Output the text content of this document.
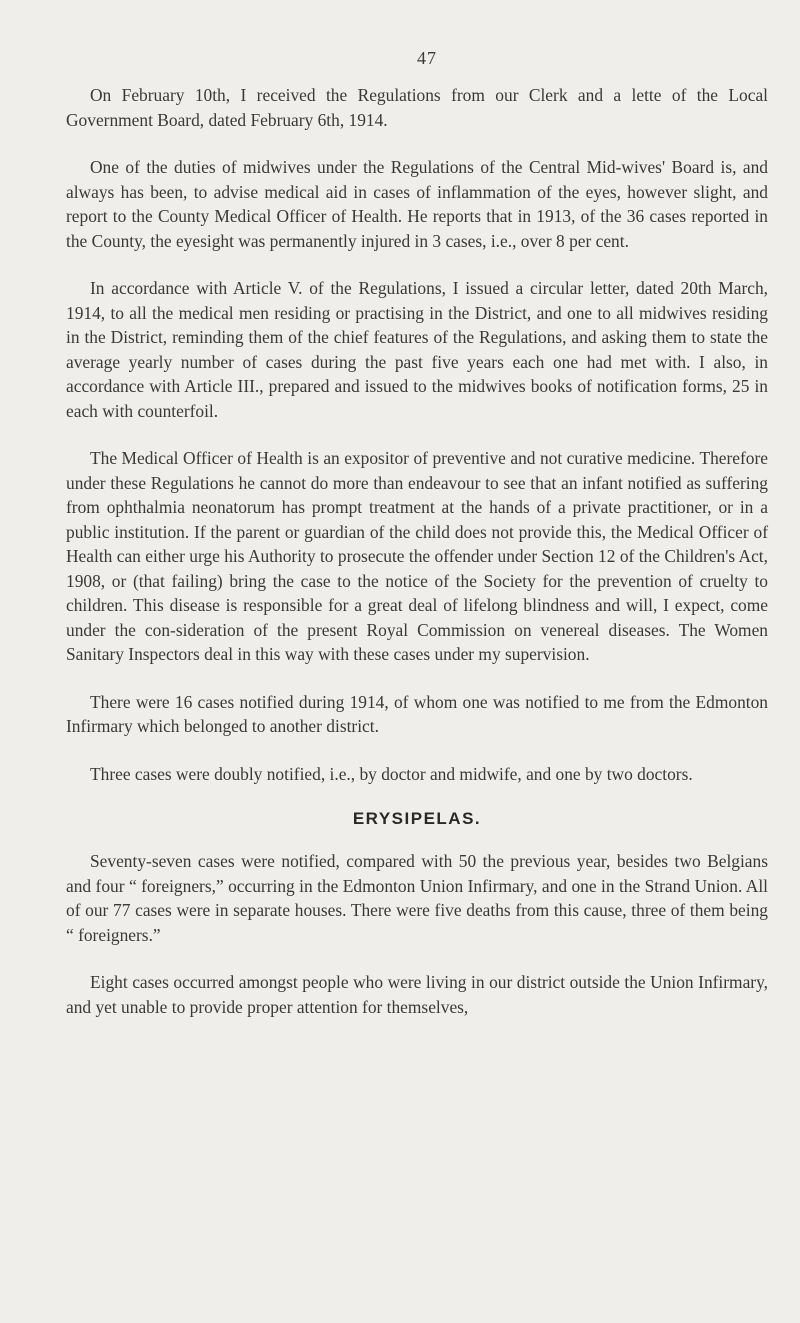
47

On February 10th, I received the Regulations from our Clerk and a lette of the Local Government Board, dated February 6th, 1914.

One of the duties of midwives under the Regulations of the Central Mid-wives' Board is, and always has been, to advise medical aid in cases of inflammation of the eyes, however slight, and report to the County Medical Officer of Health. He reports that in 1913, of the 36 cases reported in the County, the eyesight was permanently injured in 3 cases, i.e., over 8 per cent.

In accordance with Article V. of the Regulations, I issued a circular letter, dated 20th March, 1914, to all the medical men residing or practising in the District, and one to all midwives residing in the District, reminding them of the chief features of the Regulations, and asking them to state the average yearly number of cases during the past five years each one had met with. I also, in accordance with Article III., prepared and issued to the midwives books of notification forms, 25 in each with counterfoil.

The Medical Officer of Health is an expositor of preventive and not curative medicine. Therefore under these Regulations he cannot do more than endeavour to see that an infant notified as suffering from ophthalmia neonatorum has prompt treatment at the hands of a private practitioner, or in a public institution. If the parent or guardian of the child does not provide this, the Medical Officer of Health can either urge his Authority to prosecute the offender under Section 12 of the Children's Act, 1908, or (that failing) bring the case to the notice of the Society for the prevention of cruelty to children. This disease is responsible for a great deal of lifelong blindness and will, I expect, come under the con-sideration of the present Royal Commission on venereal diseases. The Women Sanitary Inspectors deal in this way with these cases under my supervision.

There were 16 cases notified during 1914, of whom one was notified to me from the Edmonton Infirmary which belonged to another district.

Three cases were doubly notified, i.e., by doctor and midwife, and one by two doctors.

ERYSIPELAS.

Seventy-seven cases were notified, compared with 50 the previous year, besides two Belgians and four “ foreigners,” occurring in the Edmonton Union Infirmary, and one in the Strand Union. All of our 77 cases were in separate houses. There were five deaths from this cause, three of them being “ foreigners.”

Eight cases occurred amongst people who were living in our district outside the Union Infirmary, and yet unable to provide proper attention for themselves,
